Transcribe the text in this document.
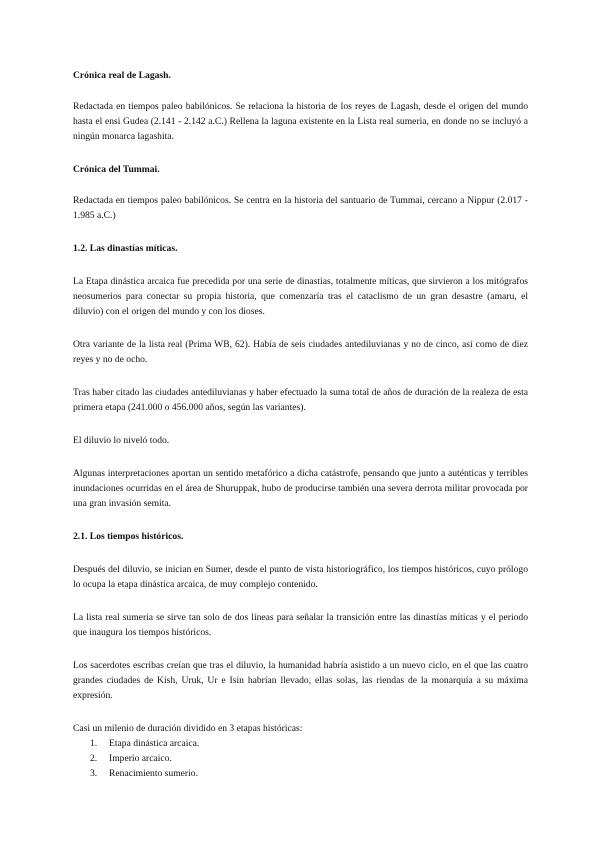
Crónica real de Lagash.

Redactada en tiempos paleo babilónicos. Se relaciona la historia de los reyes de Lagash, desde el origen del mundo hasta el ensi Gudea (2.141 - 2.142 a.C.) Rellena la laguna existente en la Lista real sumeria, en donde no se incluyó a ningún monarca lagashita.

Crónica del Tummai.

Redactada en tiempos paleo babilónicos. Se centra en la historia del santuario de Tummai, cercano a Nippur (2.017 - 1.985 a.C.)

1.2. Las dinastías míticas.

La Etapa dinástica arcaica fue precedida por una serie de dinastías, totalmente míticas, que sirvieron a los mitógrafos neosumerios para conectar su propia historia, que comenzaría tras el cataclismo de un gran desastre (amaru, el diluvio) con el origen del mundo y con los dioses.

Otra variante de la lista real (Prima WB, 62). Había de seis ciudades antediluvianas y no de cinco, así como de diez reyes y no de ocho.

Tras haber citado las ciudades antediluvianas y haber efectuado la suma total de años de duración de la realeza de esta primera etapa (241.000 o 456.000 años, según las variantes).

El diluvio lo niveló todo.

Algunas interpretaciones aportan un sentido metafórico a dicha catástrofe, pensando que junto a auténticas y terribles inundaciones ocurridas en el área de Shuruppak, hubo de producirse también una severa derrota militar provocada por una gran invasión semita.

2.1. Los tiempos históricos.

Después del diluvio, se inician en Sumer, desde el punto de vista historiográfico, los tiempos históricos, cuyo prólogo lo ocupa la etapa dinástica arcaica, de muy complejo contenido.

La lista real sumeria se sirve tan solo de dos líneas para señalar la transición entre las dinastías míticas y el periodo que inaugura los tiempos históricos.

Los sacerdotes escribas creían que tras el diluvio, la humanidad habría asistido a un nuevo ciclo, en el que las cuatro grandes ciudades de Kish, Uruk, Ur e Isin habrían llevado, ellas solas, las riendas de la monarquía a su máxima expresión.

Casi un milenio de duración dividido en 3 etapas históricas:

1.	Etapa dinástica arcaica.
2.	Imperio arcaico.
3.	Renacimiento sumerio.
